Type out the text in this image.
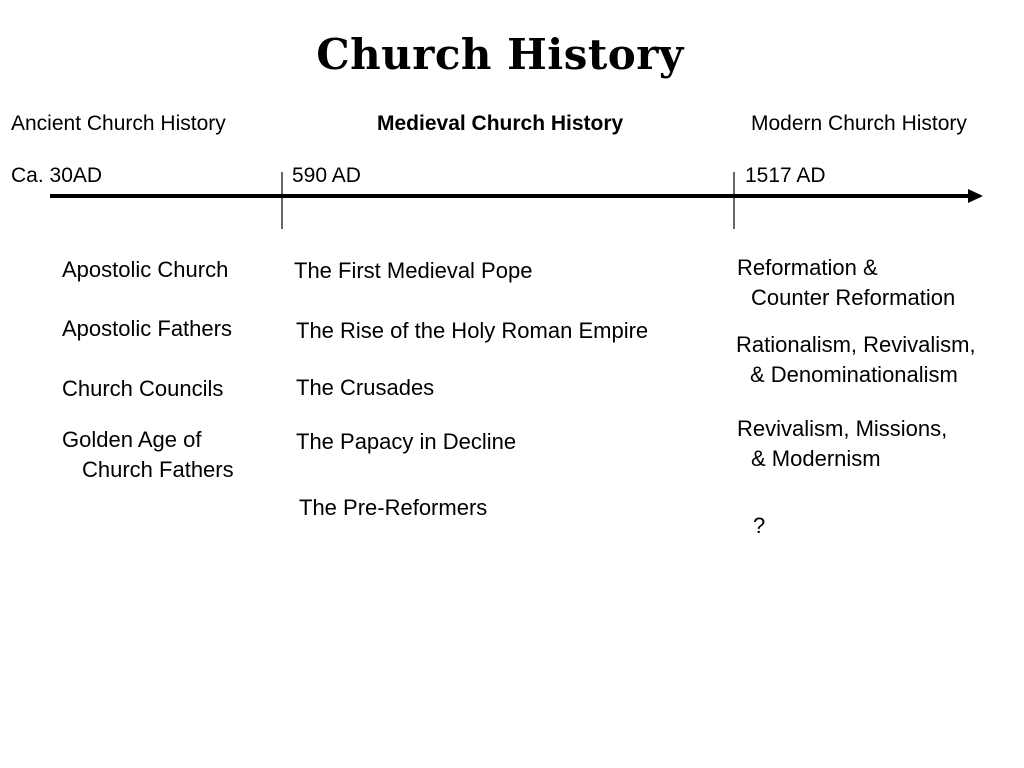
Church History
Ancient Church History	Medieval Church History	Modern Church History
Ca. 30AD	590 AD	1517 AD
Apostolic Church
Apostolic Fathers
Church Councils
Golden Age of
Church Fathers
The First Medieval Pope
The Rise of the Holy Roman Empire
The Crusades
The Papacy in Decline
The Pre-Reformers
Reformation &
Counter Reformation
Rationalism, Revivalism,
& Denominationalism
Revivalism, Missions,
& Modernism
?
